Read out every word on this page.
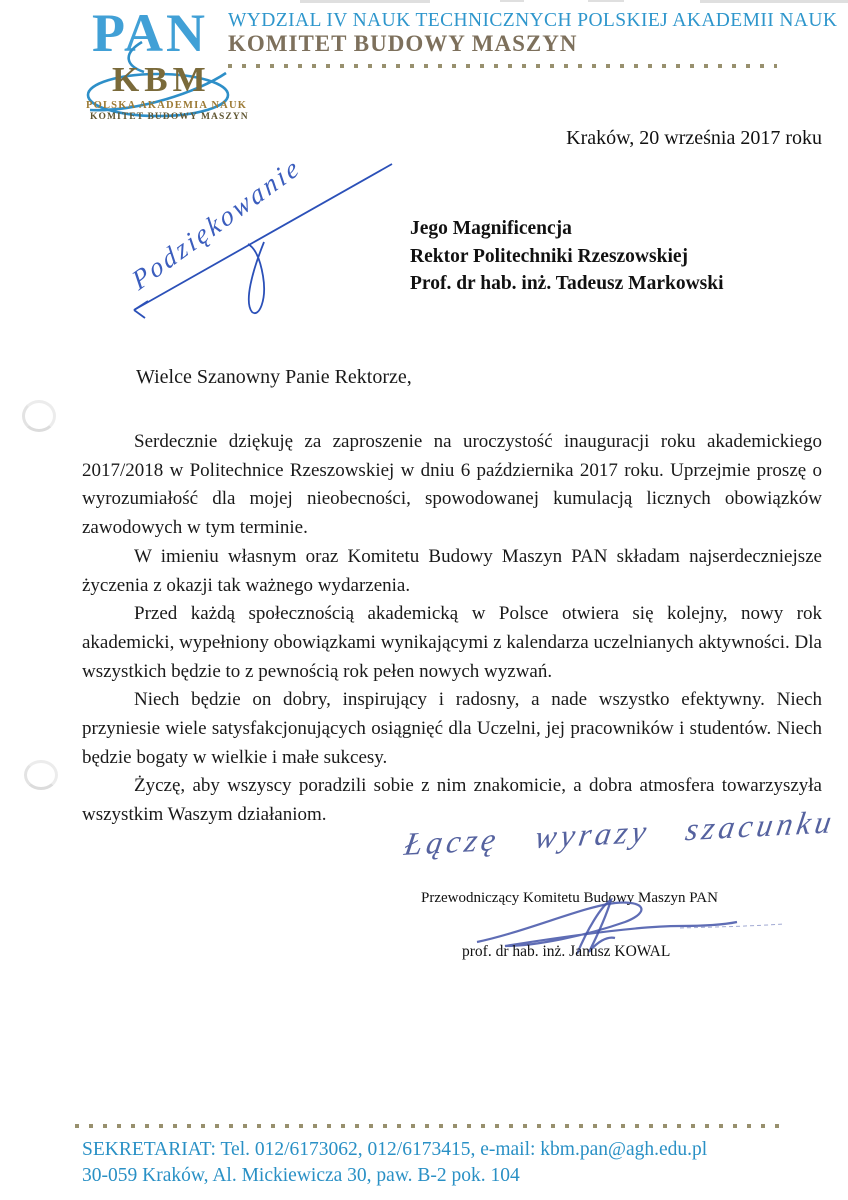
PAN
KBM
POLSKA AKADEMIA NAUK
KOMITET BUDOWY MASZYN
WYDZIAL IV NAUK TECHNICZNYCH POLSKIEJ AKADEMII NAUK
KOMITET BUDOWY MASZYN
Kraków, 20 września 2017 roku
Podziękowanie	Jego Magnificencja
Rektor Politechniki Rzeszowskiej
Prof. dr hab. inż. Tadeusz Markowski
Wielce Szanowny Panie Rektorze,

Serdecznie dziękuję za zaproszenie na uroczystość inauguracji roku akademickiego 2017/2018 w Politechnice Rzeszowskiej w dniu 6 października 2017 roku. Uprzejmie proszę o wyrozumiałość dla mojej nieobecności, spowodowanej kumulacją licznych obowiązków zawodowych w tym terminie.

W imieniu własnym oraz Komitetu Budowy Maszyn PAN składam najserdeczniejsze życzenia z okazji tak ważnego wydarzenia.

Przed każdą społecznością akademicką w Polsce otwiera się kolejny, nowy rok akademicki, wypełniony obowiązkami wynikającymi z kalendarza uczelnianych aktywności. Dla wszystkich będzie to z pewnością rok pełen nowych wyzwań.

Niech będzie on dobry, inspirujący i radosny, a nade wszystko efektywny. Niech przyniesie wiele satysfakcjonujących osiągnięć dla Uczelni, jej pracowników i studentów. Niech będzie bogaty w wielkie i małe sukcesy.

Życzę, aby wszyscy poradzili sobie z nim znakomicie, a dobra atmosfera towarzyszyła wszystkim Waszym działaniom.	Łączę wyrazy szacunku
Przewodniczący Komitetu Budowy Maszyn PAN
prof. dr hab. inż. Janusz KOWAL
SEKRETARIAT: Tel. 012/6173062, 012/6173415, e-mail: kbm.pan@agh.edu.pl
30-059 Kraków, Al. Mickiewicza 30, paw. B-2 pok. 104
